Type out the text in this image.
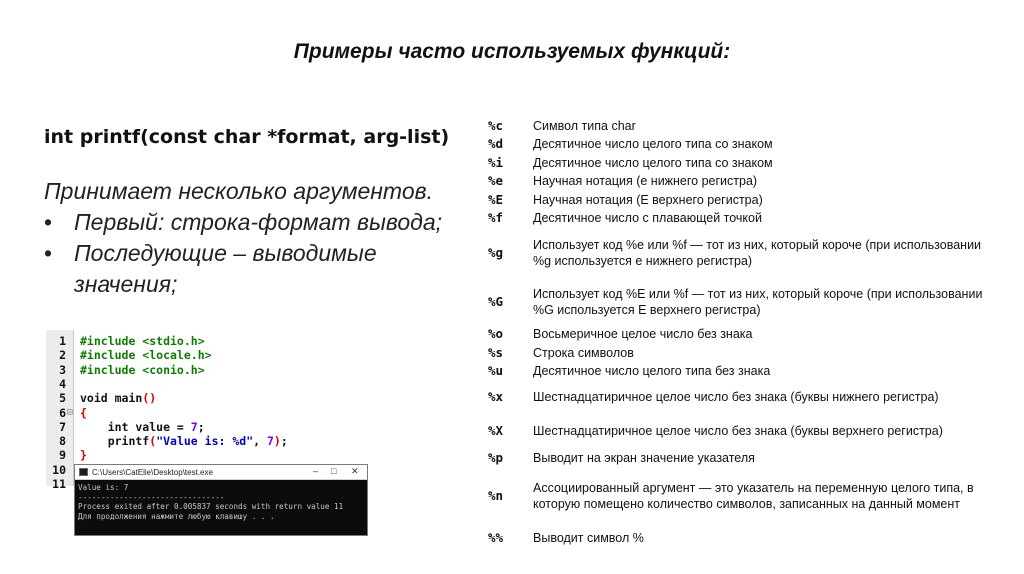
Примеры часто используемых функций:
int printf(const char *format, arg-list)
Принимает несколько аргументов.
• Первый: строка-формат вывода;
• Последующие – выводимые значения;
1 #include <stdio.h>
2 #include <locale.h>
3 #include <conio.h>
4
5 void main()
6 ⊟ {
7 int value = 7;
8 printf("Value is: %d", 7);
9 }
10
11
C:\Users\CatElie\Desktop\test.exe	– □ ✕
Value is: 7
--------------------------------
Process exited after 0.005837 seconds with return value 11
Для продолжения нажмите любую клавишу . . .
%c Символ типа char
%d Десятичное число целого типа со знаком
%i Десятичное число целого типа со знаком
%e Научная нотация (e нижнего регистра)
%E Научная нотация (E верхнего регистра)
%f Десятичное число с плавающей точкой
%g Использует код %e или %f — тот из них, который короче (при использовании %g используется e нижнего регистра)
%G Использует код %E или %f — тот из них, который короче (при использовании %G используется E верхнего регистра)
%o Восьмеричное целое число без знака
%s Строка символов
%u Десятичное число целого типа без знака
%x Шестнадцатиричное целое число без знака (буквы нижнего регистра)
%X Шестнадцатиричное целое число без знака (буквы верхнего регистра)
%p Выводит на экран значение указателя
%n Ассоциированный аргумент — это указатель на переменную целого типа, в которую помещено количество символов, записанных на данный момент
%% Выводит символ %
